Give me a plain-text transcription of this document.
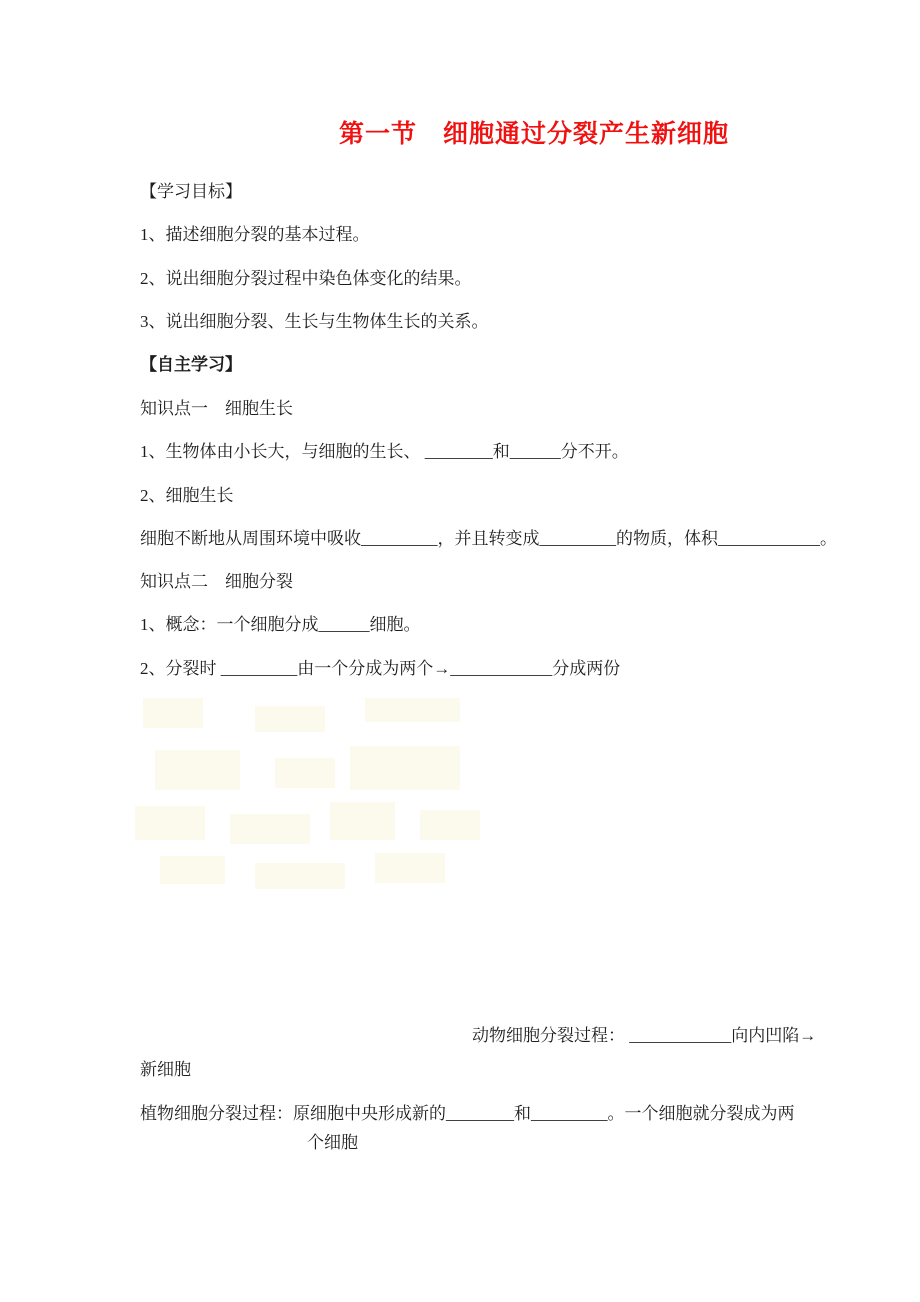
第一节　细胞通过分裂产生新细胞
【学习目标】
1、描述细胞分裂的基本过程。
2、说出细胞分裂过程中染色体变化的结果。
3、说出细胞分裂、生长与生物体生长的关系。
【自主学习】
知识点一　细胞生长
1、生物体由小长大，与细胞的生长、 ________和______分不开。
2、细胞生长
细胞不断地从周围环境中吸收_________，并且转变成_________的物质，体积____________。
知识点二　细胞分裂
1、概念：一个细胞分成______细胞。
2、分裂时 _________由一个分成为两个→____________分成两份
动物细胞分裂过程： ____________向内凹陷→
新细胞
植物细胞分裂过程：原细胞中央形成新的________和_________。一个细胞就分裂成为两
个细胞
